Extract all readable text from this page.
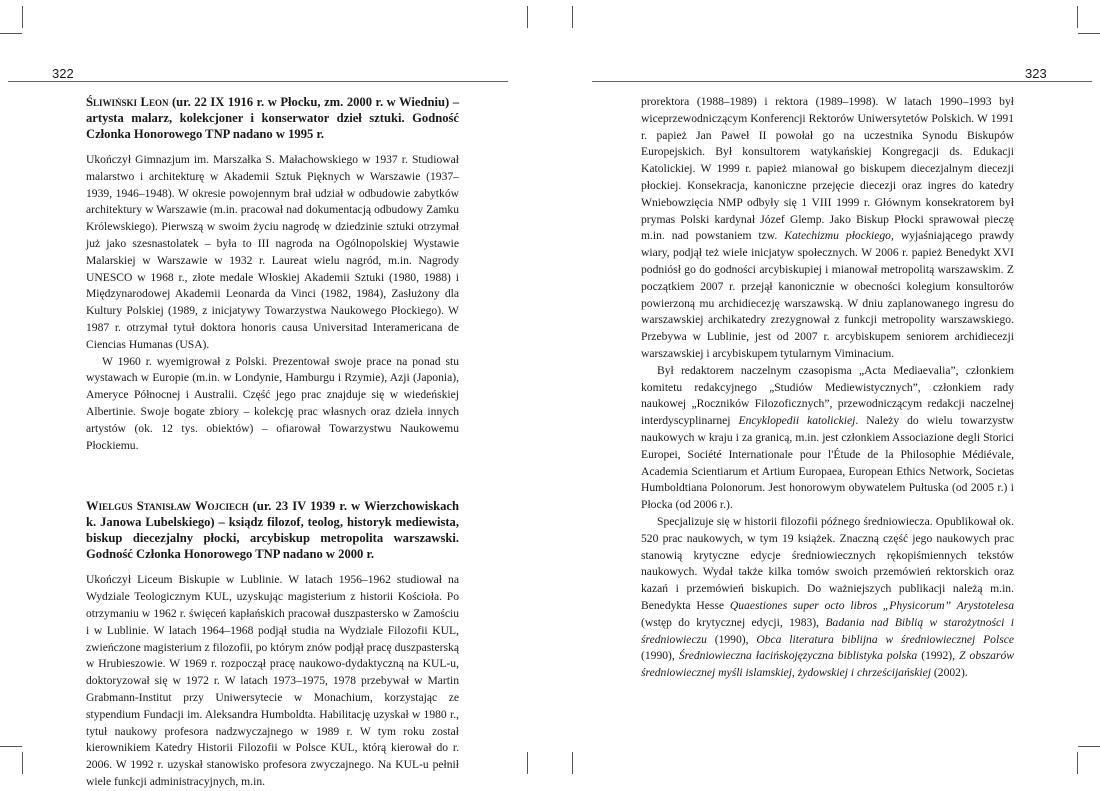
322	323
Śliwiński Leon (ur. 22 IX 1916 r. w Płocku, zm. 2000 r. w Wiedniu) – artysta malarz, kolekcjoner i konserwator dzieł sztuki. Godność Członka Honorowego TNP nadano w 1995 r.

Ukończył Gimnazjum im. Marszałka S. Małachowskiego w 1937 r. Studiował malarstwo i architekturę w Akademii Sztuk Pięknych w Warszawie (1937–1939, 1946–1948). W okresie powojennym brał udział w odbudowie zabytków architektury w Warszawie (m.in. pracował nad dokumentacją odbudowy Zamku Królewskiego). Pierwszą w swoim życiu nagrodę w dziedzinie sztuki otrzymał już jako szesnastolatek – była to III nagroda na Ogólnopolskiej Wystawie Malarskiej w Warszawie w 1932 r. Laureat wielu nagród, m.in. Nagrody UNESCO w 1968 r., złote medale Włoskiej Akademii Sztuki (1980, 1988) i Międzynarodowej Akademii Leonarda da Vinci (1982, 1984), Zasłużony dla Kultury Polskiej (1989, z inicjatywy Towarzystwa Naukowego Płockiego). W 1987 r. otrzymał tytuł doktora honoris causa Universitad Interamericana de Ciencias Humanas (USA).

W 1960 r. wyemigrował z Polski. Prezentował swoje prace na ponad stu wystawach w Europie (m.in. w Londynie, Hamburgu i Rzymie), Azji (Japonia), Ameryce Północnej i Australii. Część jego prac znajduje się w wiedeńskiej Albertinie. Swoje bogate zbiory – kolekcję prac własnych oraz dzieła innych artystów (ok. 12 tys. obiektów) – ofiarował Towarzystwu Naukowemu Płockiemu.

Wielgus Stanisław Wojciech (ur. 23 IV 1939 r. w Wierzchowiskach k. Janowa Lubelskiego) – ksiądz filozof, teolog, historyk mediewista, biskup diecezjalny płocki, arcybiskup metropolita warszawski. Godność Członka Honorowego TNP nadano w 2000 r.

Ukończył Liceum Biskupie w Lublinie. W latach 1956–1962 studiował na Wydziale Teologicznym KUL, uzyskując magisterium z historii Kościoła. Po otrzymaniu w 1962 r. święceń kapłańskich pracował duszpastersko w Zamościu i w Lublinie. W latach 1964–1968 podjął studia na Wydziale Filozofii KUL, zwieńczone magisterium z filozofii, po którym znów podjął pracę duszpasterską w Hrubieszowie. W 1969 r. rozpoczął pracę naukowo-dydaktyczną na KUL-u, doktoryzował się w 1972 r. W latach 1973–1975, 1978 przebywał w Martin Grabmann-Institut przy Uniwersytecie w Monachium, korzystając ze stypendium Fundacji im. Aleksandra Humboldta. Habilitację uzyskał w 1980 r., tytuł naukowy profesora nadzwyczajnego w 1989 r. W tym roku został kierownikiem Katedry Historii Filozofii w Polsce KUL, którą kierował do r. 2006. W 1992 r. uzyskał stanowisko profesora zwyczajnego. Na KUL-u pełnił wiele funkcji administracyjnych, m.in.

prorektora (1988–1989) i rektora (1989–1998). W latach 1990–1993 był wiceprzewodniczącym Konferencji Rektorów Uniwersytetów Polskich. W 1991 r. papież Jan Paweł II powołał go na uczestnika Synodu Biskupów Europejskich. Był konsultorem watykańskiej Kongregacji ds. Edukacji Katolickiej. W 1999 r. papież mianował go biskupem diecezjalnym diecezji płockiej. Konsekracja, kanoniczne przejęcie diecezji oraz ingres do katedry Wniebowzięcia NMP odbyły się 1 VIII 1999 r. Głównym konsekratorem był prymas Polski kardynał Józef Glemp. Jako Biskup Płocki sprawował pieczę m.in. nad powstaniem tzw. Katechizmu płockiego, wyjaśniającego prawdy wiary, podjął też wiele inicjatyw społecznych. W 2006 r. papież Benedykt XVI podniósł go do godności arcybiskupiej i mianował metropolitą warszawskim. Z początkiem 2007 r. przejął kanonicznie w obecności kolegium konsultorów powierzoną mu archidiecezję warszawską. W dniu zaplanowanego ingresu do warszawskiej archikatedry zrezygnował z funkcji metropolity warszawskiego. Przebywa w Lublinie, jest od 2007 r. arcybiskupem seniorem archidiecezji warszawskiej i arcybiskupem tytularnym Viminacium.

Był redaktorem naczelnym czasopisma „Acta Mediaevalia”, członkiem komitetu redakcyjnego „Studiów Mediewistycznych”, członkiem rady naukowej „Roczników Filozoficznych”, przewodniczącym redakcji naczelnej interdyscyplinarnej Encyklopedii katolickiej. Należy do wielu towarzystw naukowych w kraju i za granicą, m.in. jest członkiem Associazione degli Storici Europei, Société Internationale pour l'Étude de la Philosophie Médiévale, Academia Scientiarum et Artium Europaea, European Ethics Network, Societas Humboldtiana Polonorum. Jest honorowym obywatelem Pułtuska (od 2005 r.) i Płocka (od 2006 r.).

Specjalizuje się w historii filozofii późnego średniowiecza. Opublikował ok. 520 prac naukowych, w tym 19 książek. Znaczną część jego naukowych prac stanowią krytyczne edycje średniowiecznych rękopiśmiennych tekstów naukowych. Wydał także kilka tomów swoich przemówień rektorskich oraz kazań i przemówień biskupich. Do ważniejszych publikacji należą m.in. Benedykta Hesse Quaestiones super octo libros „Physicorum” Arystotelesa (wstęp do krytycznej edycji, 1983), Badania nad Biblią w starożytności i średniowieczu (1990), Obca literatura biblijna w średniowiecznej Polsce (1990), Średniowieczna łacińskojęzyczna biblistyka polska (1992), Z obszarów średniowiecznej myśli islamskiej, żydowskiej i chrześcijańskiej (2002).
